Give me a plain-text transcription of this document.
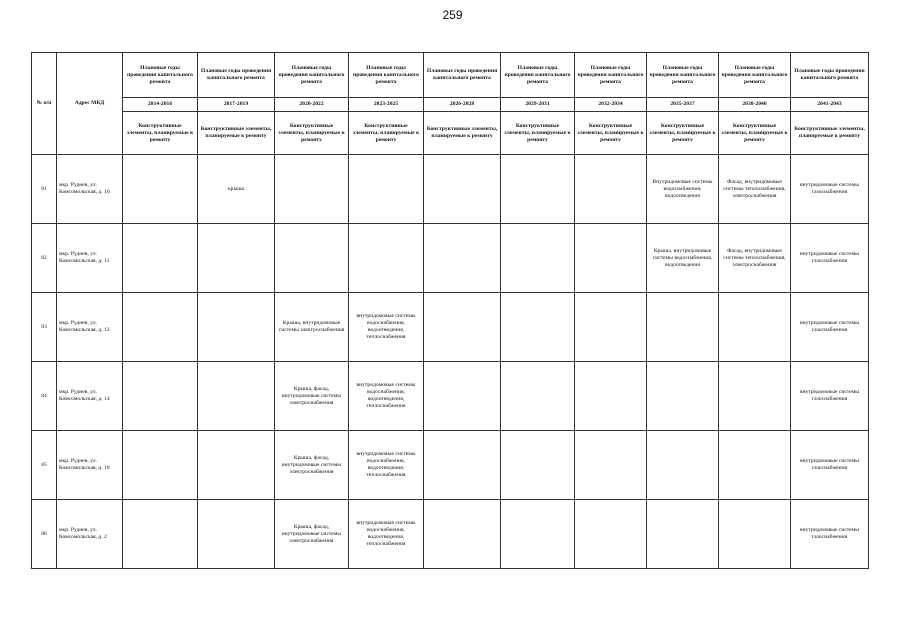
259
№ п/п	Адрес МКД	Плановые годы проведения капитального ремонта	Плановые годы проведения капитального ремонта	Плановые годы проведения капитального ремонта	Плановые годы проведения капитального ремонта	Плановые годы проведения капитального ремонта	Плановые годы проведения капитального ремонта	Плановые годы проведения капитального ремонта	Плановые годы проведения капитального ремонта	Плановые годы проведения капитального ремонта	Плановые годы проведения капитального ремонта
		2014-2016	2017-2019	2020-2022	2023-2025	2026-2028	2029-2031	2032-2034	2035-2037	2038-2040	2041-2043
		Конструктивные элементы, планируемые к ремонту	Конструктивные элементы, планируемые к ремонту	Конструктивные элементы, планируемые к ремонту	Конструктивные элементы, планируемые к ремонту	Конструктивные элементы, планируемые к ремонту	Конструктивные элементы, планируемые к ремонту	Конструктивные элементы, планируемые к ремонту	Конструктивные элементы, планируемые к ремонту	Конструктивные элементы, планируемые к ремонту	Конструктивные элементы, планируемые к ремонту
81	мкр. Руднев, ул. Комсомольская, д. 10		крыша						Внутридомовые системы водоснабжения, водоотведения	Фасад, внутридомовые системы теплоснабжения, электроснабжения	внутридомовые системы газоснабжения
82	мкр. Руднев, ул. Комсомольская, д. 11								Крыша, внутридомовые системы водоснабжения, водоотведения	Фасад, внутридомовые системы теплоснабжения, электроснабжения	внутридомовые системы газоснабжения
83	мкр. Руднев, ул. Комсомольская, д. 12			Крыша, внутридомовые системы электроснабжения	внутридомовые системы водоснабжения, водоотведения, теплоснабжения						внутридомовые системы газоснабжения
84	мкр. Руднев, ул. Комсомольская, д. 14			Крыша, фасад, внутридомовые системы электроснабжения	внутридомовые системы водоснабжения, водоотведения, теплоснабжения						внутридомовые системы газоснабжения
85	мкр. Руднев, ул. Комсомольская, д. 18			Крыша, фасад, внутридомовые системы электроснабжения	внутридомовые системы водоснабжения, водоотведения, теплоснабжения						внутридомовые системы газоснабжения
86	мкр. Руднев, ул. Комсомольская, д. 2			Крыша, фасад, внутридомовые системы электроснабжения	внутридомовые системы водоснабжения, водоотведения, теплоснабжения						внутридомовые системы газоснабжения
